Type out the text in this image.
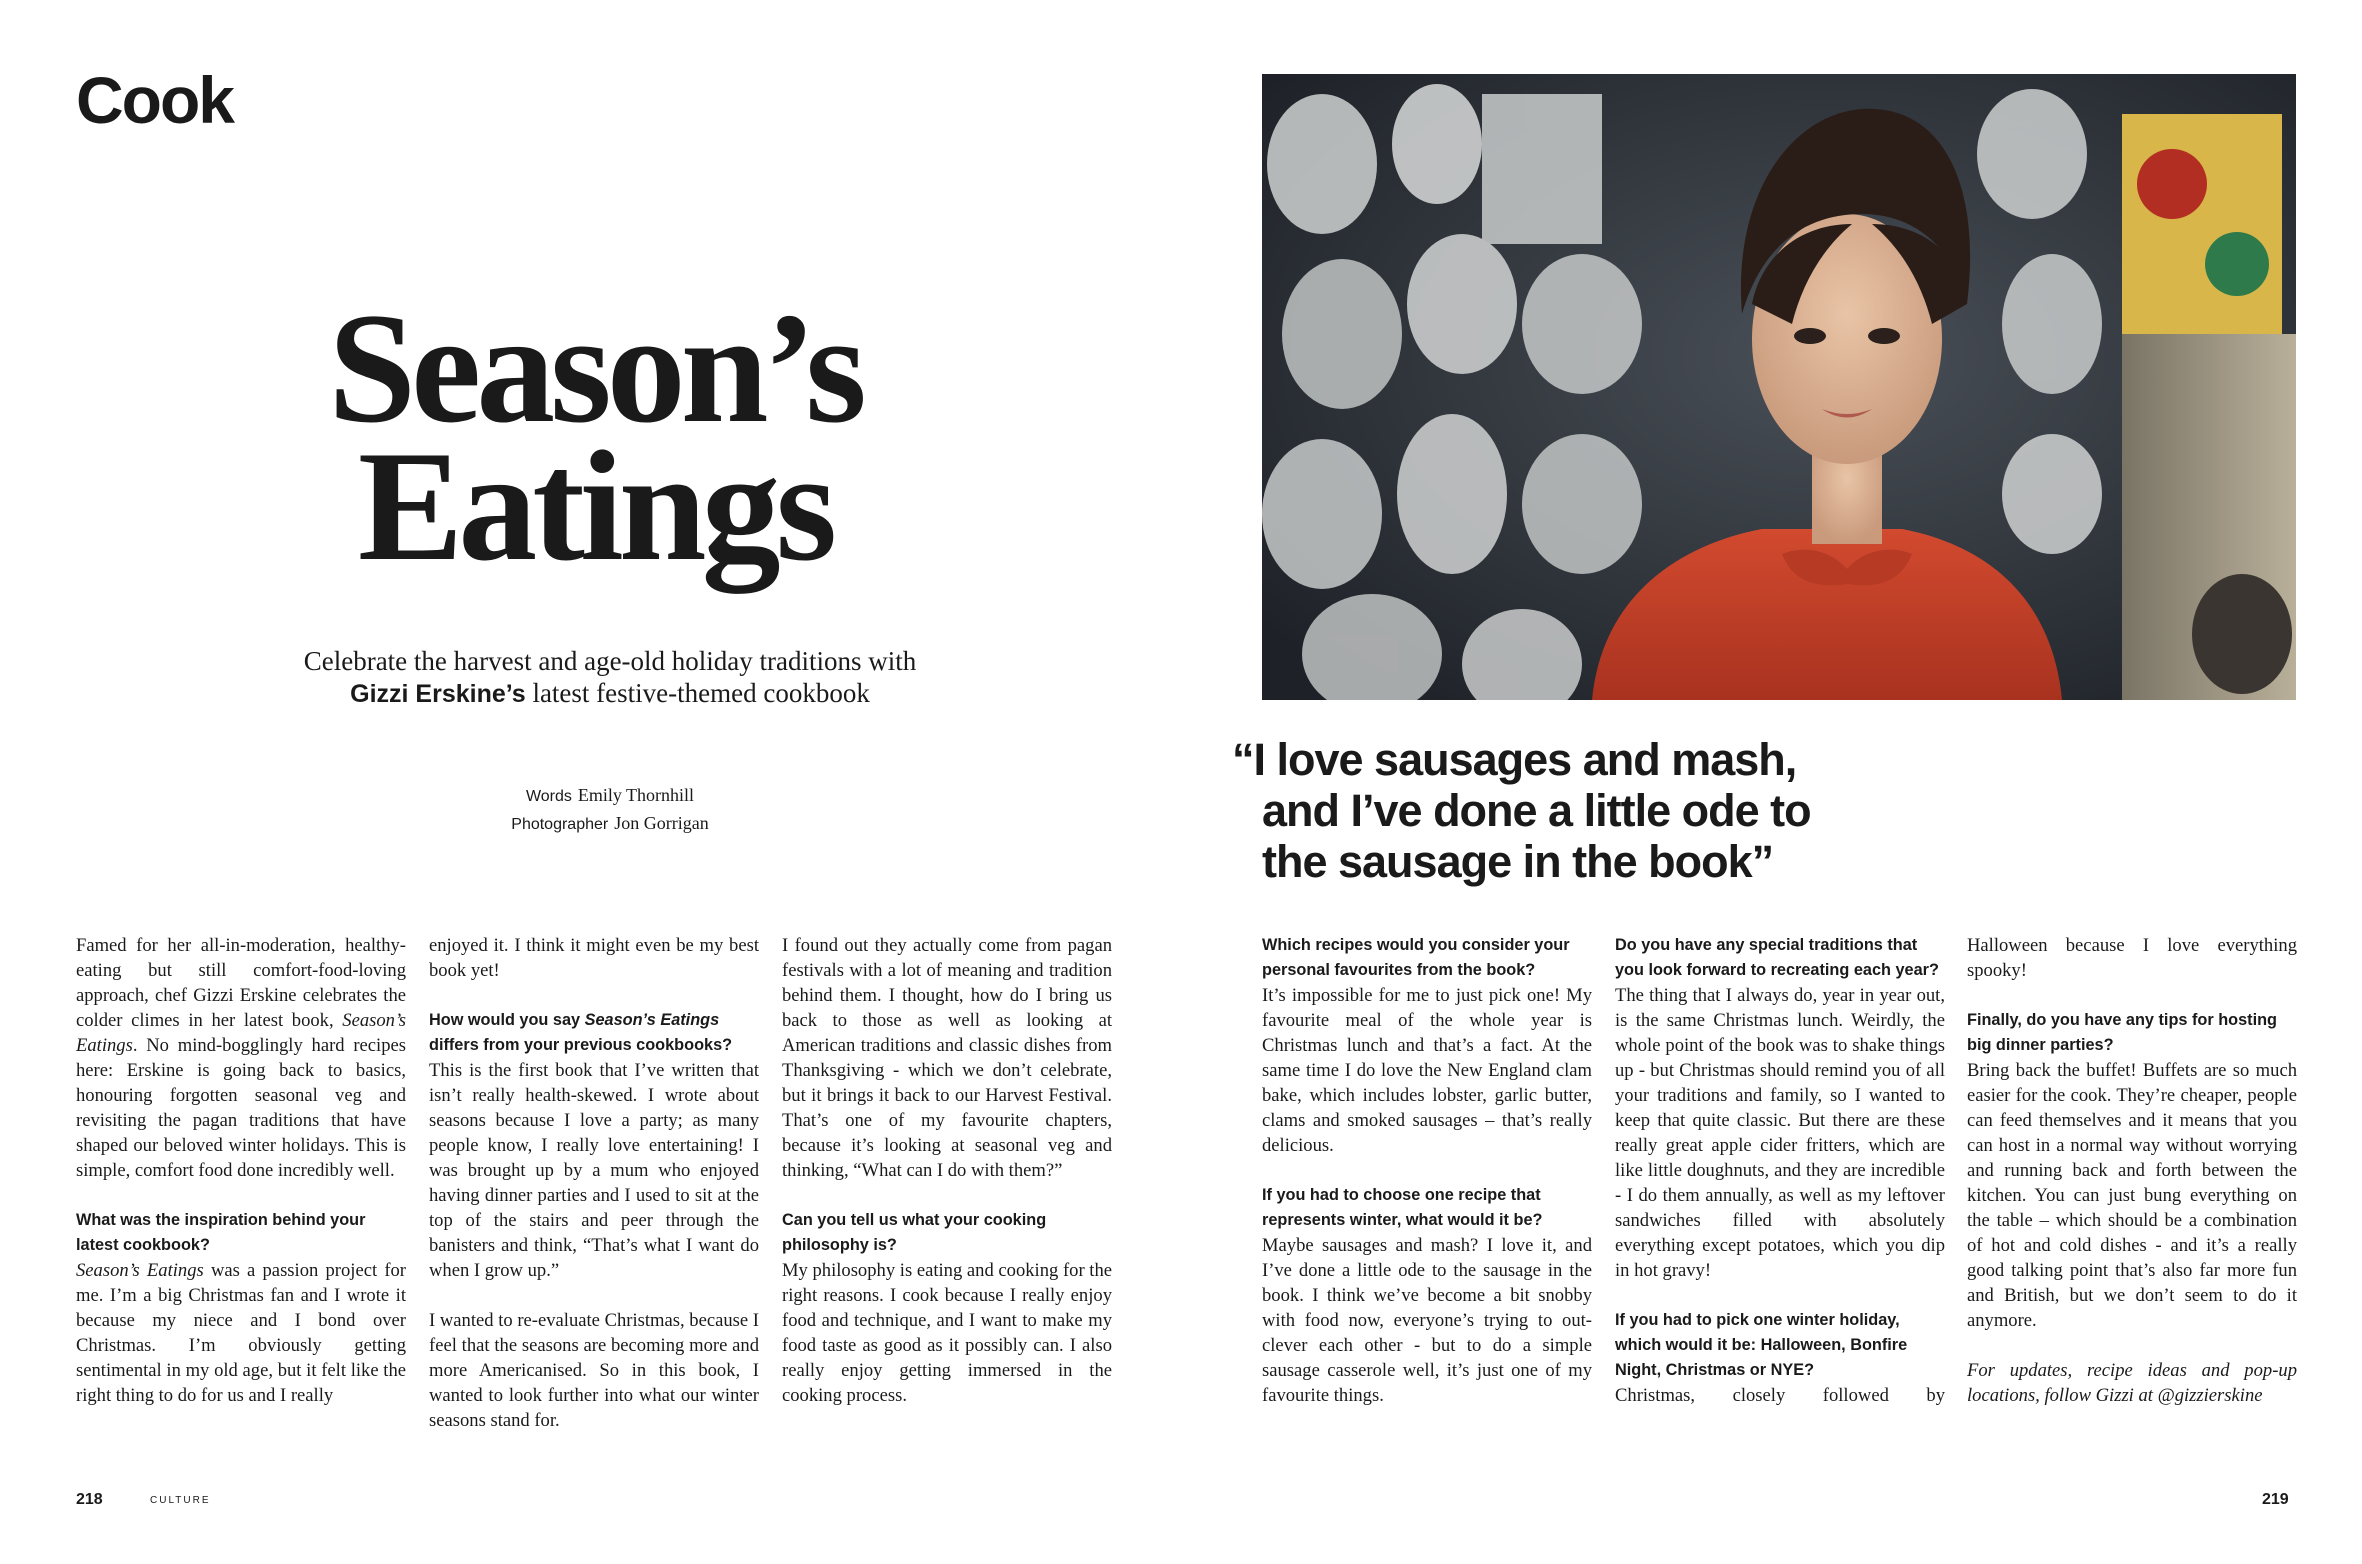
Cook
Season’s
Eatings

Celebrate the harvest and age-old holiday traditions with
Gizzi Erskine’s latest festive-themed cookbook

Words Emily Thornhill
Photographer Jon Gorrigan
“I love sausages and mash,
and I’ve done a little ode to
the sausage in the book”

Famed for her all-in-moderation, healthy-eating but still comfort-food-loving approach, chef Gizzi Erskine celebrates the colder climes in her latest book, Season’s Eatings. No mind-bogglingly hard recipes here: Erskine is going back to basics, honouring forgotten seasonal veg and revisiting the pagan traditions that have shaped our beloved winter holidays. This is simple, comfort food done incredibly well.

What was the inspiration behind your latest cookbook?

Season’s Eatings was a passion project for me. I’m a big Christmas fan and I wrote it because my niece and I bond over Christmas. I’m obviously getting sentimental in my old age, but it felt like the right thing to do for us and I really

enjoyed it. I think it might even be my best book yet!

How would you say Season’s Eatings differs from your previous cookbooks?

This is the first book that I’ve written that isn’t really health-skewed. I wrote about seasons because I love a party; as many people know, I really love entertaining! I was brought up by a mum who enjoyed having dinner parties and I used to sit at the top of the stairs and peer through the banisters and think, “That’s what I want do when I grow up.”

I wanted to re-evaluate Christmas, because I feel that the seasons are becoming more and more Americanised. So in this book, I wanted to look further into what our winter seasons stand for.

I found out they actually come from pagan festivals with a lot of meaning and tradition behind them. I thought, how do I bring us back to those as well as looking at American traditions and classic dishes from Thanksgiving - which we don’t celebrate, but it brings it back to our Harvest Festival. That’s one of my favourite chapters, because it’s looking at seasonal veg and thinking, “What can I do with them?”

Can you tell us what your cooking philosophy is?

My philosophy is eating and cooking for the right reasons. I cook because I really enjoy food and technique, and I want to make my food taste as good as it possibly can. I also really enjoy getting immersed in the cooking process.

Which recipes would you consider your personal favourites from the book?

It’s impossible for me to just pick one! My favourite meal of the whole year is Christmas lunch and that’s a fact. At the same time I do love the New England clam bake, which includes lobster, garlic butter, clams and smoked sausages – that’s really delicious.

If you had to choose one recipe that represents winter, what would it be?

Maybe sausages and mash? I love it, and I’ve done a little ode to the sausage in the book. I think we’ve become a bit snobby with food now, everyone’s trying to out-clever each other - but to do a simple sausage casserole well, it’s just one of my favourite things.

Do you have any special traditions that you look forward to recreating each year?

The thing that I always do, year in year out, is the same Christmas lunch. Weirdly, the whole point of the book was to shake things up - but Christmas should remind you of all your traditions and family, so I wanted to keep that quite classic. But there are these really great apple cider fritters, which are like little doughnuts, and they are incredible - I do them annually, as well as my leftover sandwiches filled with absolutely everything except potatoes, which you dip in hot gravy!

If you had to pick one winter holiday, which would it be: Halloween, Bonfire Night, Christmas or NYE?

Christmas, closely followed by

Halloween because I love everything spooky!

Finally, do you have any tips for hosting big dinner parties?

Bring back the buffet! Buffets are so much easier for the cook. They’re cheaper, people can feed themselves and it means that you can host in a normal way without worrying and running back and forth between the kitchen. You can just bung everything on the table – which should be a combination of hot and cold dishes - and it’s a really good talking point that’s also far more fun and British, but we don’t seem to do it anymore.

For updates, recipe ideas and pop-up locations, follow Gizzi at @gizzierskine

218	CULTURE	219
